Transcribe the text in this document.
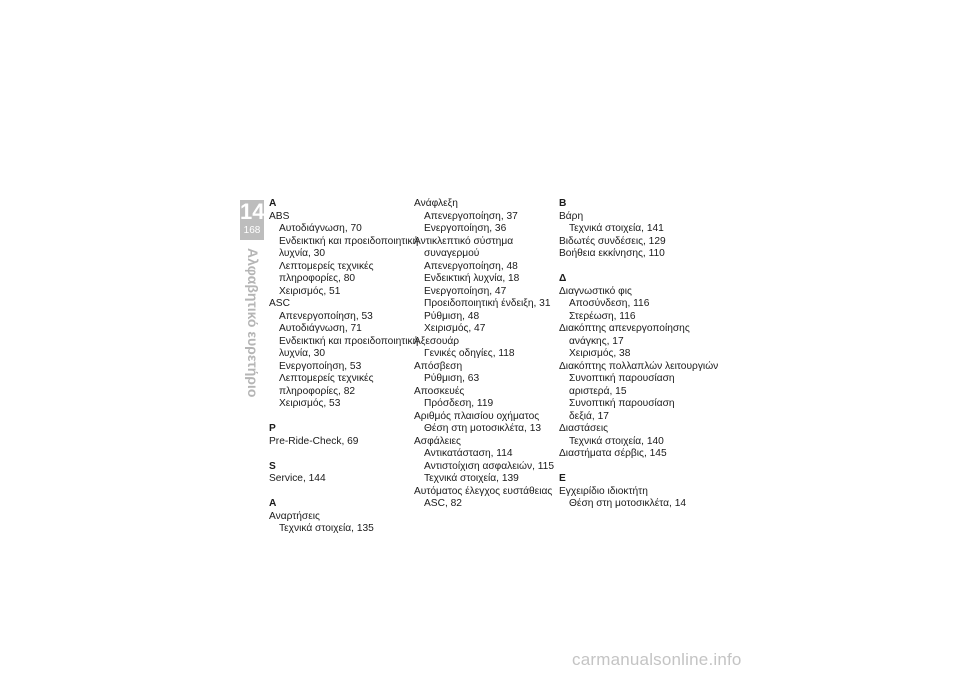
14
168
Αλφαβητικό ευρετήριο
Α
ABS
Αυτοδιάγνωση, 70
Ενδεικτική και προειδοποιητική
λυχνία, 30
Λεπτομερείς τεχνικές
πληροφορίες, 80
Χειρισμός, 51
ASC
Απενεργοποίηση, 53
Αυτοδιάγνωση, 71
Ενδεικτική και προειδοποιητική
λυχνία, 30
Ενεργοποίηση, 53
Λεπτομερείς τεχνικές
πληροφορίες, 82
Χειρισμός, 53
P
Pre-Ride-Check, 69
S
Service, 144
Α
Αναρτήσεις
Τεχνικά στοιχεία, 135
Ανάφλεξη
Απενεργοποίηση, 37
Ενεργοποίηση, 36
Αντικλεπτικό σύστημα
συναγερμού
Απενεργοποίηση, 48
Ενδεικτική λυχνία, 18
Ενεργοποίηση, 47
Προειδοποιητική ένδειξη, 31
Ρύθμιση, 48
Χειρισμός, 47
Αξεσουάρ
Γενικές οδηγίες, 118
Απόσβεση
Ρύθμιση, 63
Αποσκευές
Πρόσδεση, 119
Αριθμός πλαισίου οχήματος
Θέση στη μοτοσικλέτα, 13
Ασφάλειες
Αντικατάσταση, 114
Αντιστοίχιση ασφαλειών, 115
Τεχνικά στοιχεία, 139
Αυτόματος έλεγχος ευστάθειας
ASC, 82
Β
Βάρη
Τεχνικά στοιχεία, 141
Βιδωτές συνδέσεις, 129
Βοήθεια εκκίνησης, 110
Δ
Διαγνωστικό φις
Αποσύνδεση, 116
Στερέωση, 116
Διακόπτης απενεργοποίησης
ανάγκης, 17
Χειρισμός, 38
Διακόπτης πολλαπλών λειτουργιών
Συνοπτική παρουσίαση
αριστερά, 15
Συνοπτική παρουσίαση
δεξιά, 17
Διαστάσεις
Τεχνικά στοιχεία, 140
Διαστήματα σέρβις, 145
Ε
Εγχειρίδιο ιδιοκτήτη
Θέση στη μοτοσικλέτα, 14
carmanualsonline.info
